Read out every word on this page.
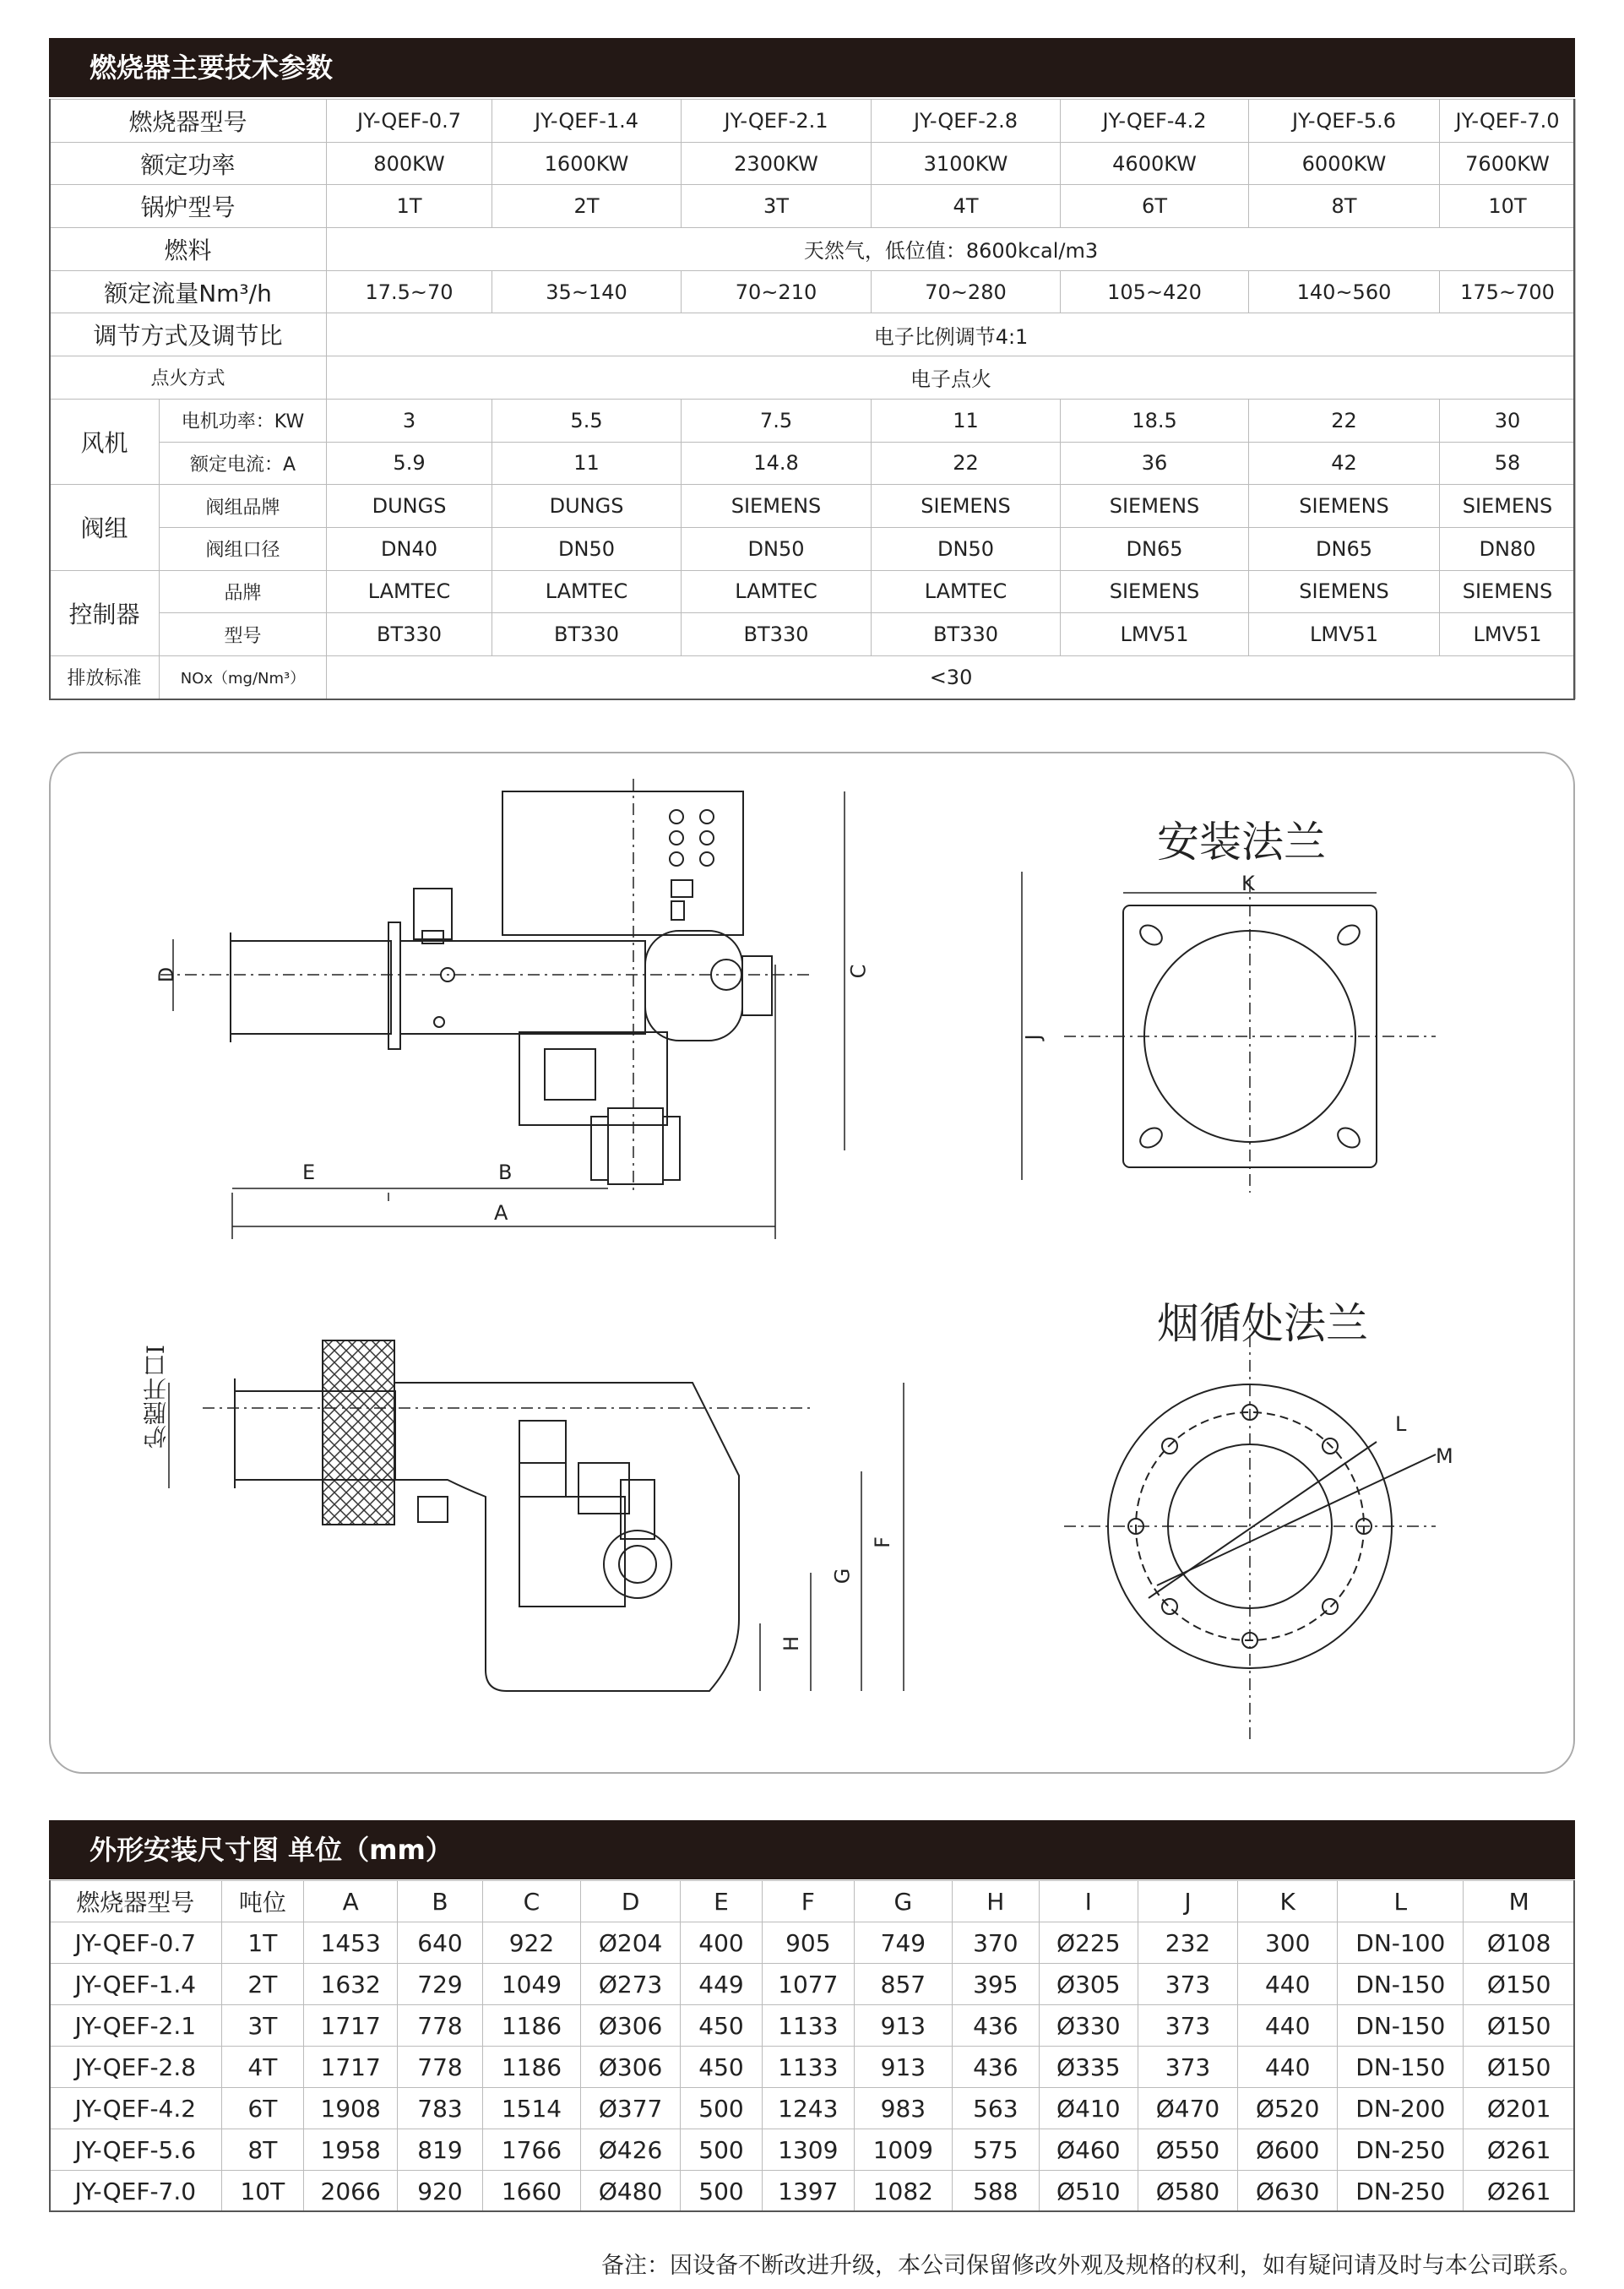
燃烧器主要技术参数
燃烧器型号		JY-QEF-0.7	JY-QEF-1.4	JY-QEF-2.1	JY-QEF-2.8	JY-QEF-4.2	JY-QEF-5.6	JY-QEF-7.0
额定功率		800KW	1600KW	2300KW	3100KW	4600KW	6000KW	7600KW
锅炉型号		1T	2T	3T	4T	6T	8T	10T
燃料		天然气，低位值：8600kcal/m3						
额定流量Nm³/h		17.5~70	35~140	70~210	70~280	105~420	140~560	175~700
调节方式及调节比		电子比例调节4:1						
点火方式		电子点火						
风机	电机功率：KW	3	5.5	7.5	11	18.5	22	30
	额定电流：A	5.9	11	14.8	22	36	42	58
阀组	阀组品牌	DUNGS	DUNGS	SIEMENS	SIEMENS	SIEMENS	SIEMENS	SIEMENS
	阀组口径	DN40	DN50	DN50	DN50	DN65	DN65	DN80
控制器	品牌	LAMTEC	LAMTEC	LAMTEC	LAMTEC	SIEMENS	SIEMENS	SIEMENS
	型号	BT330	BT330	BT330	BT330	LMV51	LMV51	LMV51
排放标准	NOx（mg/Nm³）	<30						
安装法兰
烟循处法兰
炉膛开口I
D
E	B
A
C
K
J
F
G
H
L
M
外形安装尺寸图 单位（mm）
燃烧器型号	吨位	A	B	C	D	E	F	G	H	I	J	K	L	M
JY-QEF-0.7	1T	1453	640	922	Ø204	400	905	749	370	Ø225	232	300	DN-100	Ø108
JY-QEF-1.4	2T	1632	729	1049	Ø273	449	1077	857	395	Ø305	373	440	DN-150	Ø150
JY-QEF-2.1	3T	1717	778	1186	Ø306	450	1133	913	436	Ø330	373	440	DN-150	Ø150
JY-QEF-2.8	4T	1717	778	1186	Ø306	450	1133	913	436	Ø335	373	440	DN-150	Ø150
JY-QEF-4.2	6T	1908	783	1514	Ø377	500	1243	983	563	Ø410	Ø470	Ø520	DN-200	Ø201
JY-QEF-5.6	8T	1958	819	1766	Ø426	500	1309	1009	575	Ø460	Ø550	Ø600	DN-250	Ø261
JY-QEF-7.0	10T	2066	920	1660	Ø480	500	1397	1082	588	Ø510	Ø580	Ø630	DN-250	Ø261
备注：因设备不断改进升级，本公司保留修改外观及规格的权利，如有疑问请及时与本公司联系。
